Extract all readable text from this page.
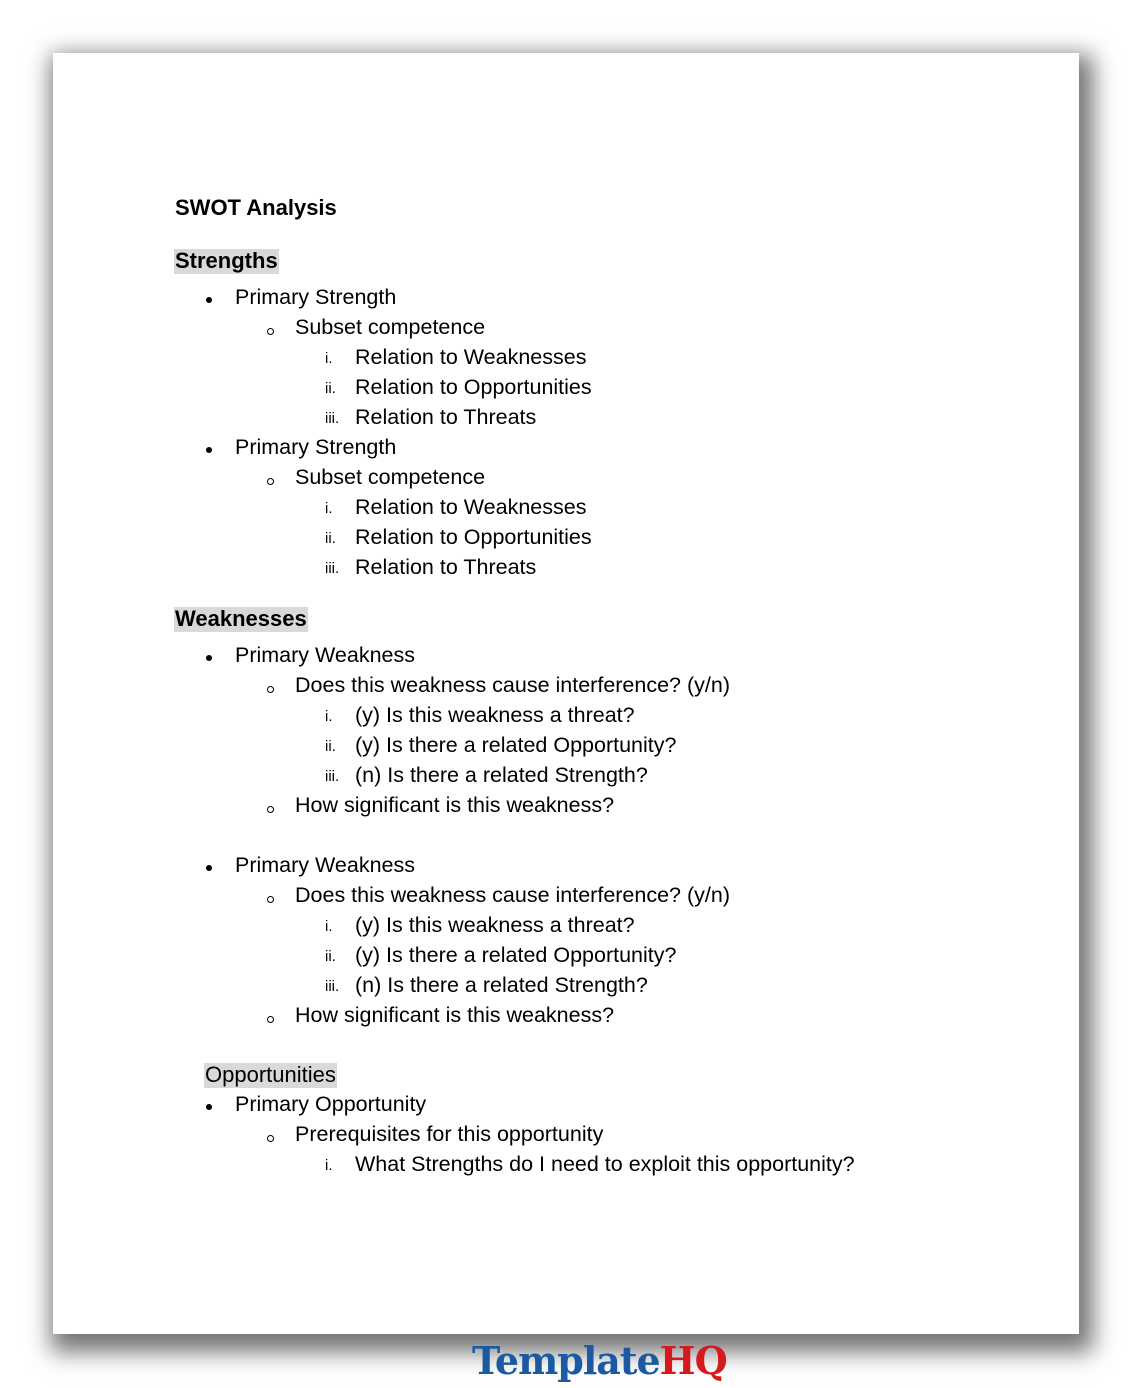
SWOT Analysis
Strengths
Primary Strength
Subset competence
i. Relation to Weaknesses
ii. Relation to Opportunities
iii. Relation to Threats
Primary Strength
Subset competence
i. Relation to Weaknesses
ii. Relation to Opportunities
iii. Relation to Threats
Weaknesses
Primary Weakness
Does this weakness cause interference? (y/n)
i. (y) Is this weakness a threat?
ii. (y) Is there a related Opportunity?
iii. (n) Is there a related Strength?
How significant is this weakness?
Primary Weakness
Does this weakness cause interference? (y/n)
i. (y) Is this weakness a threat?
ii. (y) Is there a related Opportunity?
iii. (n) Is there a related Strength?
How significant is this weakness?
Opportunities
Primary Opportunity
Prerequisites for this opportunity
i. What Strengths do I need to exploit this opportunity?
TemplateHQ
